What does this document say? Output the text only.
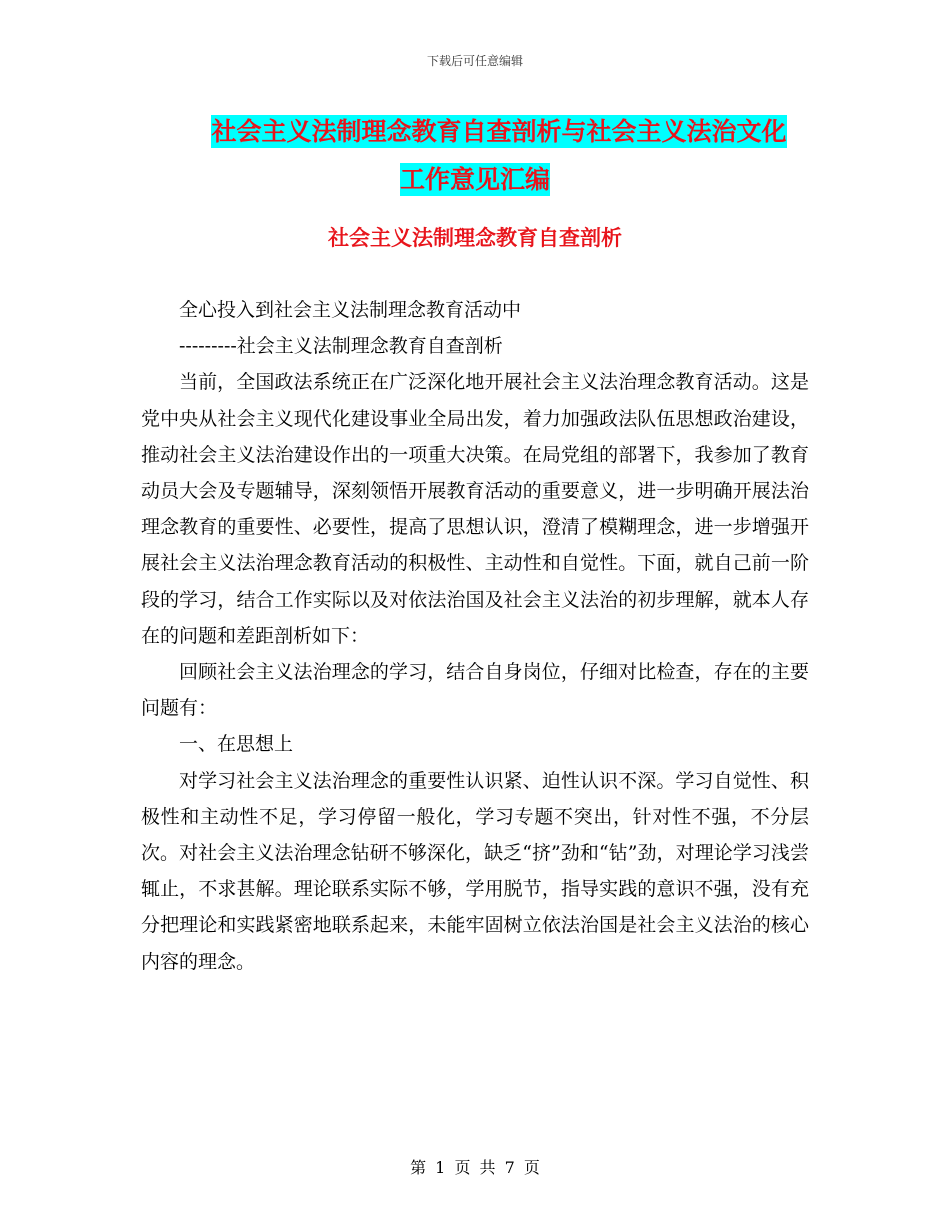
下载后可任意编辑
社会主义法制理念教育自查剖析与社会主义法治文化
工作意见汇编
社会主义法制理念教育自查剖析

全心投入到社会主义法制理念教育活动中

---------社会主义法制理念教育自查剖析

当前，全国政法系统正在广泛深化地开展社会主义法治理念教育活动。这是党中央从社会主义现代化建设事业全局出发，着力加强政法队伍思想政治建设，推动社会主义法治建设作出的一项重大决策。在局党组的部署下，我参加了教育动员大会及专题辅导，深刻领悟开展教育活动的重要意义，进一步明确开展法治理念教育的重要性、必要性，提高了思想认识，澄清了模糊理念，进一步增强开展社会主义法治理念教育活动的积极性、主动性和自觉性。下面，就自己前一阶段的学习，结合工作实际以及对依法治国及社会主义法治的初步理解，就本人存在的问题和差距剖析如下：

回顾社会主义法治理念的学习，结合自身岗位，仔细对比检查，存在的主要问题有：

一、在思想上

对学习社会主义法治理念的重要性认识紧、迫性认识不深。学习自觉性、积极性和主动性不足，学习停留一般化，学习专题不突出，针对性不强，不分层次。对社会主义法治理念钻研不够深化，缺乏“挤”劲和“钻”劲，对理论学习浅尝辄止，不求甚解。理论联系实际不够，学用脱节，指导实践的意识不强，没有充分把理论和实践紧密地联系起来，未能牢固树立依法治国是社会主义法治的核心内容的理念。

第 1 页 共 7 页
